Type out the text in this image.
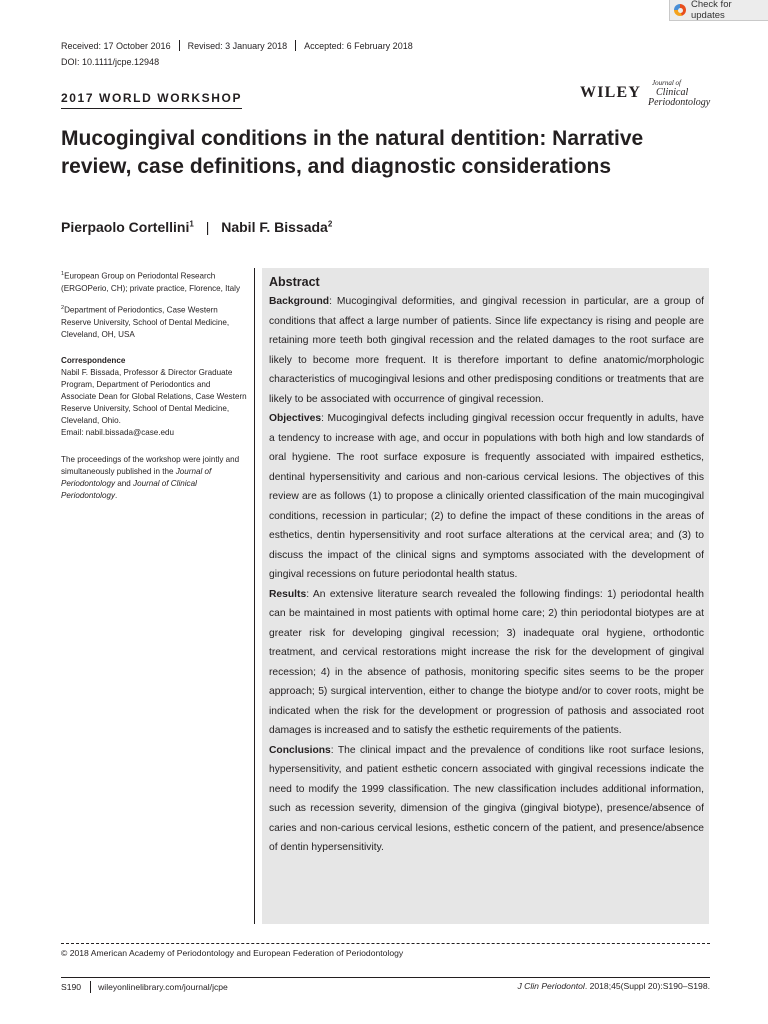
Check for updates
Received: 17 October 2016 Revised: 3 January 2018 Accepted: 6 February 2018
DOI: 10.1111/jcpe.12948
2017 WORLD WORKSHOP	WILEY
Journal of
Clinical
Periodontology
Mucogingival conditions in the natural dentition: Narrative review, case definitions, and diagnostic considerations
Pierpaolo Cortellini$^1$ | Nabil F. Bissada$^2$

$^1$European Group on Periodontal Research (ERGOPerio, CH); private practice, Florence, Italy

$^2$Department of Periodontics, Case Western Reserve University, School of Dental Medicine, Cleveland, OH, USA

Correspondence

Nabil F. Bissada, Professor & Director Graduate Program, Department of Periodontics and Associate Dean for Global Relations, Case Western Reserve University, School of Dental Medicine, Cleveland, Ohio.

Email: nabil.bissada@case.edu

The proceedings of the workshop were jointly and simultaneously published in the Journal of Periodontology and Journal of Clinical Periodontology.

Abstract

Background: Mucogingival deformities, and gingival recession in particular, are a group of conditions that affect a large number of patients. Since life expectancy is rising and people are retaining more teeth both gingival recession and the related damages to the root surface are likely to become more frequent. It is therefore important to define anatomic/morphologic characteristics of mucogingival lesions and other predisposing conditions or treatments that are likely to be associated with occurrence of gingival recession.

Objectives: Mucogingival defects including gingival recession occur frequently in adults, have a tendency to increase with age, and occur in populations with both high and low standards of oral hygiene. The root surface exposure is frequently associated with impaired esthetics, dentinal hypersensitivity and carious and non-carious cervical lesions. The objectives of this review are as follows (1) to propose a clinically oriented classification of the main mucogingival conditions, recession in particular; (2) to define the impact of these conditions in the areas of esthetics, dentin hypersensitivity and root surface alterations at the cervical area; and (3) to discuss the impact of the clinical signs and symptoms associated with the development of gingival recessions on future periodontal health status.

Results: An extensive literature search revealed the following findings: 1) periodontal health can be maintained in most patients with optimal home care; 2) thin periodontal biotypes are at greater risk for developing gingival recession; 3) inadequate oral hygiene, orthodontic treatment, and cervical restorations might increase the risk for the development of gingival recession; 4) in the absence of pathosis, monitoring specific sites seems to be the proper approach; 5) surgical intervention, either to change the biotype and/or to cover roots, might be indicated when the risk for the development or progression of pathosis and associated root damages is increased and to satisfy the esthetic requirements of the patients.

Conclusions: The clinical impact and the prevalence of conditions like root surface lesions, hypersensitivity, and patient esthetic concern associated with gingival recessions indicate the need to modify the 1999 classification. The new classification includes additional information, such as recession severity, dimension of the gingiva (gingival biotype), presence/absence of caries and non-carious cervical lesions, esthetic concern of the patient, and presence/absence of dentin hypersensitivity.

© 2018 American Academy of Periodontology and European Federation of Periodontology
S190 wileyonlinelibrary.com/journal/jcpe	J Clin Periodontol. 2018;45(Suppl 20):S190–S198.
